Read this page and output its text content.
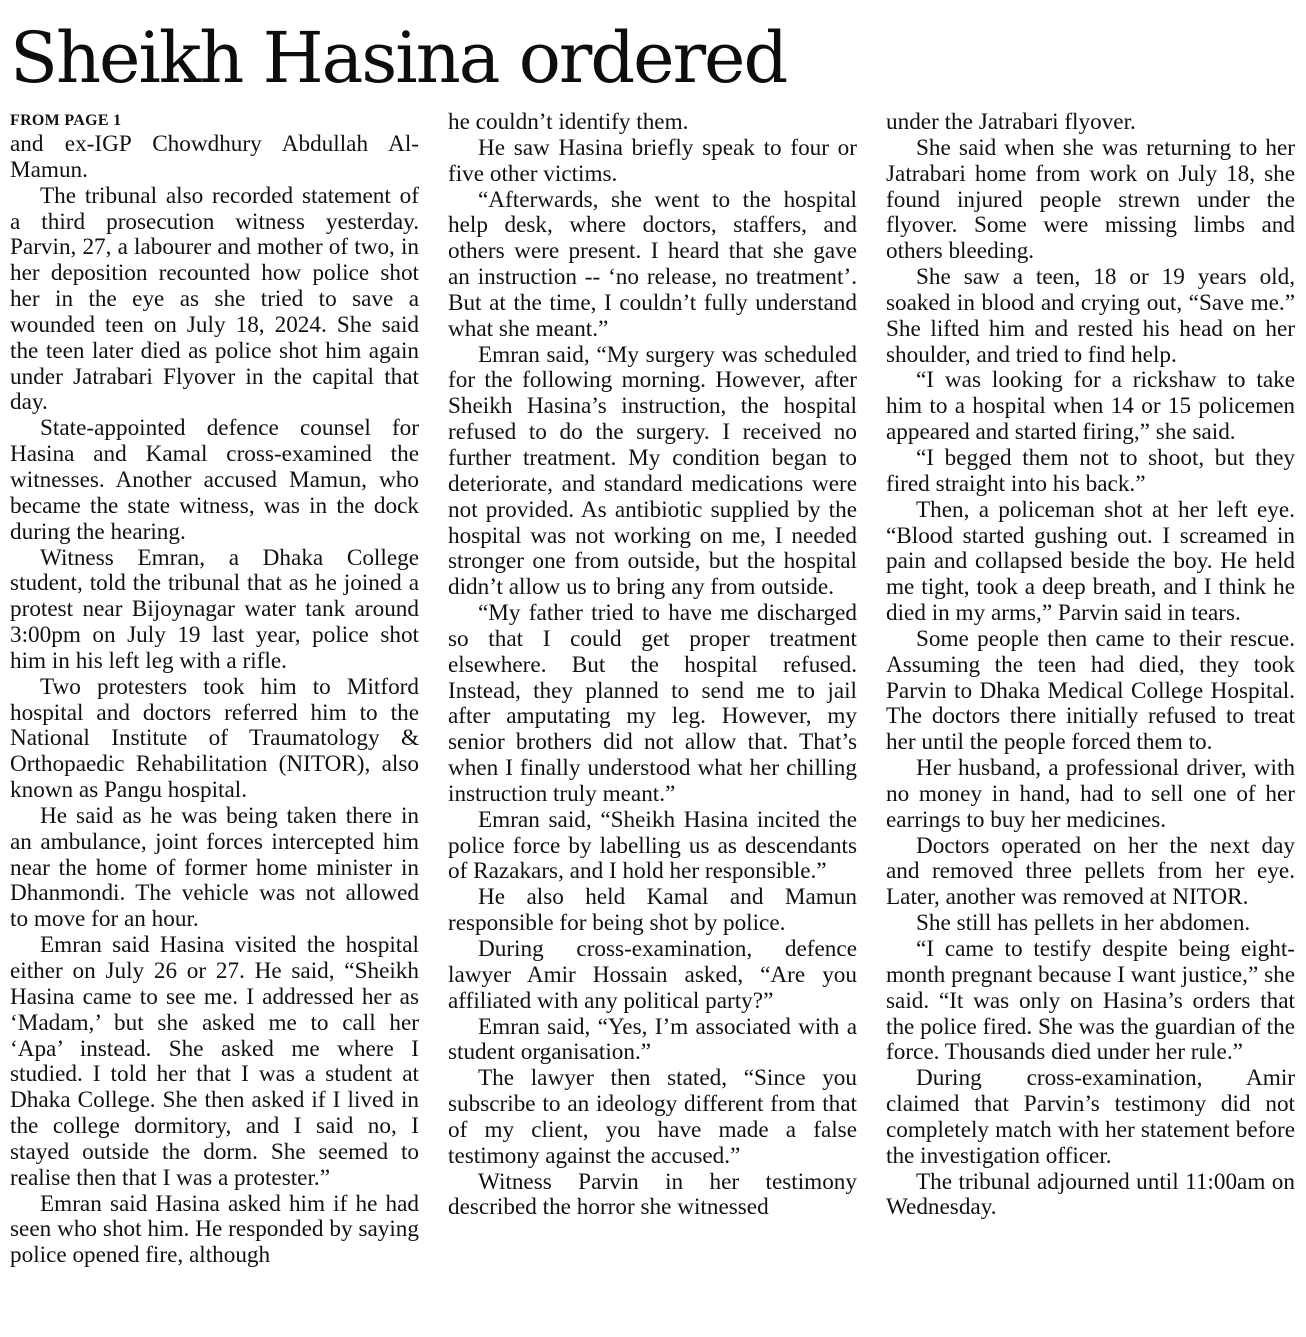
Sheikh Hasina ordered
FROM PAGE 1

and ex-IGP Chowdhury Abdullah Al-Mamun.

The tribunal also recorded statement of a third prosecution witness yesterday. Parvin, 27, a labourer and mother of two, in her deposition recounted how police shot her in the eye as she tried to save a wounded teen on July 18, 2024. She said the teen later died as police shot him again under Jatrabari Flyover in the capital that day.

State-appointed defence counsel for Hasina and Kamal cross-examined the witnesses. Another accused Mamun, who became the state witness, was in the dock during the hearing.

Witness Emran, a Dhaka College student, told the tribunal that as he joined a protest near Bijoynagar water tank around 3:00pm on July 19 last year, police shot him in his left leg with a rifle.

Two protesters took him to Mitford hospital and doctors referred him to the National Institute of Traumatology & Orthopaedic Rehabilitation (NITOR), also known as Pangu hospital.

He said as he was being taken there in an ambulance, joint forces intercepted him near the home of former home minister in Dhanmondi. The vehicle was not allowed to move for an hour.

Emran said Hasina visited the hospital either on July 26 or 27. He said, “Sheikh Hasina came to see me. I addressed her as ‘Madam,’ but she asked me to call her ‘Apa’ instead. She asked me where I studied. I told her that I was a student at Dhaka College. She then asked if I lived in the college dormitory, and I said no, I stayed outside the dorm. She seemed to realise then that I was a protester.”

Emran said Hasina asked him if he had seen who shot him. He responded by saying police opened fire, although

he couldn’t identify them.

He saw Hasina briefly speak to four or five other victims.

“Afterwards, she went to the hospital help desk, where doctors, staffers, and others were present. I heard that she gave an instruction -- ‘no release, no treatment’. But at the time, I couldn’t fully understand what she meant.”

Emran said, “My surgery was scheduled for the following morning. However, after Sheikh Hasina’s instruction, the hospital refused to do the surgery. I received no further treatment. My condition began to deteriorate, and standard medications were not provided. As antibiotic supplied by the hospital was not working on me, I needed stronger one from outside, but the hospital didn’t allow us to bring any from outside.

“My father tried to have me discharged so that I could get proper treatment elsewhere. But the hospital refused. Instead, they planned to send me to jail after amputating my leg. However, my senior brothers did not allow that. That’s when I finally understood what her chilling instruction truly meant.”

Emran said, “Sheikh Hasina incited the police force by labelling us as descendants of Razakars, and I hold her responsible.”

He also held Kamal and Mamun responsible for being shot by police.

During cross-examination, defence lawyer Amir Hossain asked, “Are you affiliated with any political party?”

Emran said, “Yes, I’m associated with a student organisation.”

The lawyer then stated, “Since you subscribe to an ideology different from that of my client, you have made a false testimony against the accused.”

Witness Parvin in her testimony described the horror she witnessed

under the Jatrabari flyover.

She said when she was returning to her Jatrabari home from work on July 18, she found injured people strewn under the flyover. Some were missing limbs and others bleeding.

She saw a teen, 18 or 19 years old, soaked in blood and crying out, “Save me.” She lifted him and rested his head on her shoulder, and tried to find help.

“I was looking for a rickshaw to take him to a hospital when 14 or 15 policemen appeared and started firing,” she said.

“I begged them not to shoot, but they fired straight into his back.”

Then, a policeman shot at her left eye. “Blood started gushing out. I screamed in pain and collapsed beside the boy. He held me tight, took a deep breath, and I think he died in my arms,” Parvin said in tears.

Some people then came to their rescue. Assuming the teen had died, they took Parvin to Dhaka Medical College Hospital. The doctors there initially refused to treat her until the people forced them to.

Her husband, a professional driver, with no money in hand, had to sell one of her earrings to buy her medicines.

Doctors operated on her the next day and removed three pellets from her eye. Later, another was removed at NITOR.

She still has pellets in her abdomen.

“I came to testify despite being eight-month pregnant because I want justice,” she said. “It was only on Hasina’s orders that the police fired. She was the guardian of the force. Thousands died under her rule.”

During cross-examination, Amir claimed that Parvin’s testimony did not completely match with her statement before the investigation officer.

The tribunal adjourned until 11:00am on Wednesday.
